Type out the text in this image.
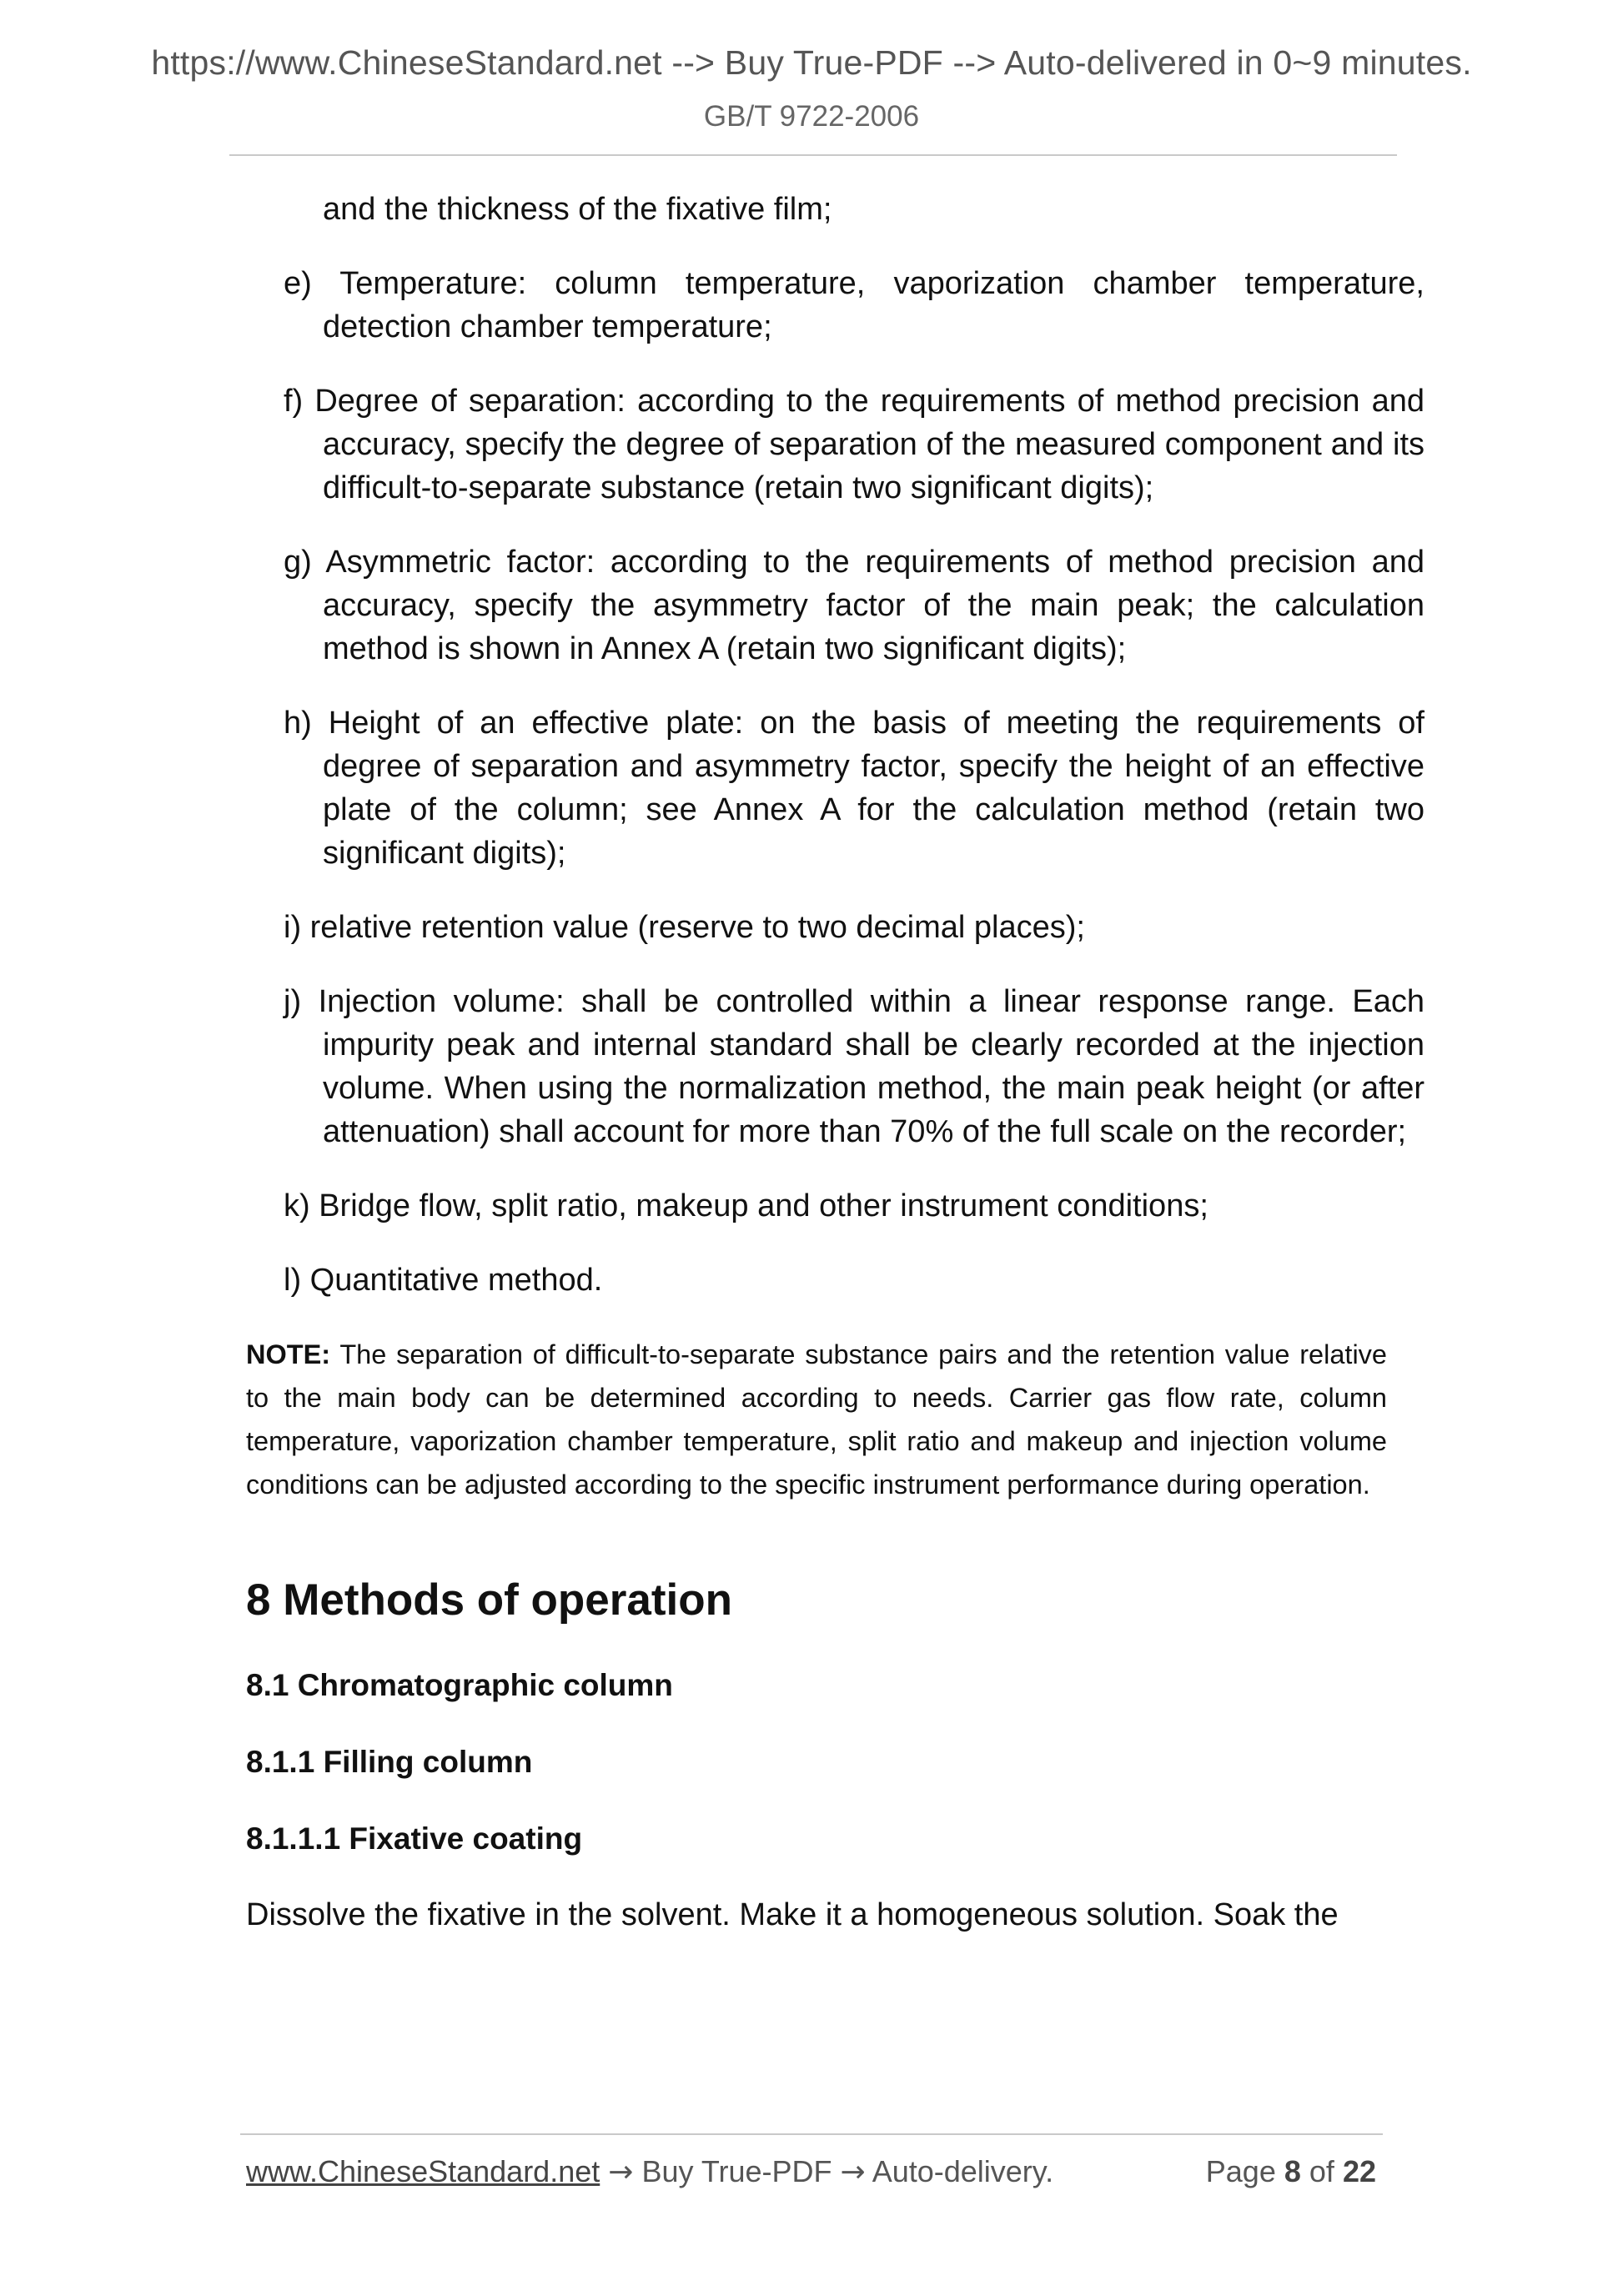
https://www.ChineseStandard.net --> Buy True-PDF --> Auto-delivered in 0~9 minutes.
GB/T 9722-2006

and the thickness of the fixative film;

e) Temperature: column temperature, vaporization chamber temperature, detection chamber temperature;

f) Degree of separation: according to the requirements of method precision and accuracy, specify the degree of separation of the measured component and its difficult-to-separate substance (retain two significant digits);

g) Asymmetric factor: according to the requirements of method precision and accuracy, specify the asymmetry factor of the main peak; the calculation method is shown in Annex A (retain two significant digits);

h) Height of an effective plate: on the basis of meeting the requirements of degree of separation and asymmetry factor, specify the height of an effective plate of the column; see Annex A for the calculation method (retain two significant digits);

i) relative retention value (reserve to two decimal places);

j) Injection volume: shall be controlled within a linear response range. Each impurity peak and internal standard shall be clearly recorded at the injection volume. When using the normalization method, the main peak height (or after attenuation) shall account for more than 70% of the full scale on the recorder;

k) Bridge flow, split ratio, makeup and other instrument conditions;

l) Quantitative method.

NOTE: The separation of difficult-to-separate substance pairs and the retention value relative to the main body can be determined according to needs. Carrier gas flow rate, column temperature, vaporization chamber temperature, split ratio and makeup and injection volume conditions can be adjusted according to the specific instrument performance during operation.

8 Methods of operation
8.1 Chromatographic column
8.1.1 Filling column
8.1.1.1 Fixative coating

Dissolve the fixative in the solvent. Make it a homogeneous solution. Soak the

www.ChineseStandard.net → Buy True-PDF → Auto-delivery.	Page 8 of 22
